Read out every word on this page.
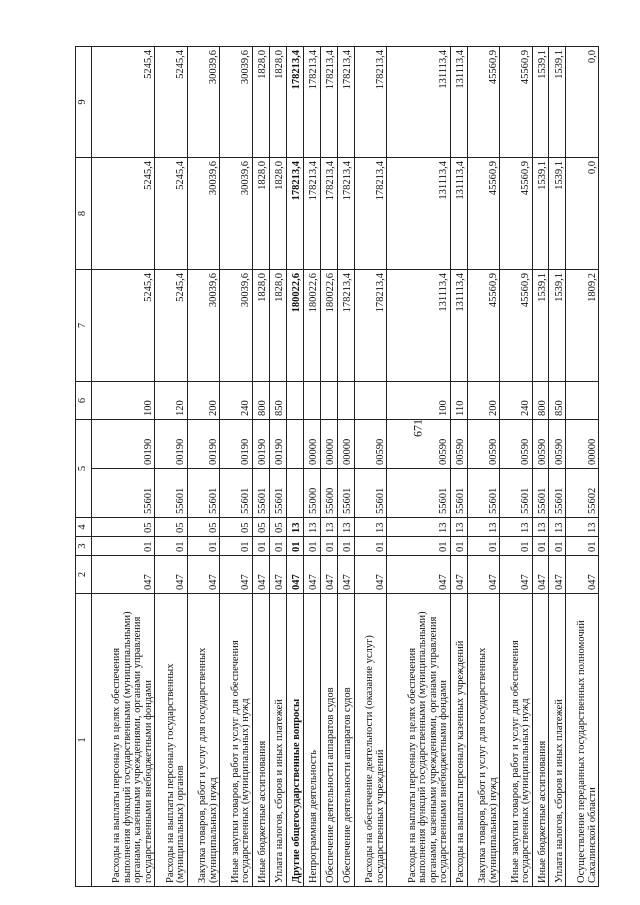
671
1	2	3	4	5		6	7	8	9
Расходы на выплаты персоналу в целях обеспечения выполнения функций государственными (муниципальными) органами, казенными учреждениями, органами управления государственными внебюджетными фондами	047	01	05	55601	00190	100	5245,4	5245,4	5245,4
Расходы на выплаты персоналу государственных (муниципальных) органов	047	01	05	55601	00190	120	5245,4	5245,4	5245,4
Закупка товаров, работ и услуг для государственных (муниципальных) нужд	047	01	05	55601	00190	200	30039,6	30039,6	30039,6
Иные закупки товаров, работ и услуг для обеспечения государственных (муниципальных) нужд	047	01	05	55601	00190	240	30039,6	30039,6	30039,6
Иные бюджетные ассигнования	047	01	05	55601	00190	800	1828,0	1828,0	1828,0
Уплата налогов, сборов и иных платежей	047	01	05	55601	00190	850	1828,0	1828,0	1828,0
Другие общегосударственные вопросы	047	01	13				180022,6	178213,4	178213,4
Непрограммная деятельность	047	01	13	55000	00000		180022,6	178213,4	178213,4
Обеспечение деятельности аппаратов судов	047	01	13	55600	00000		180022,6	178213,4	178213,4
Обеспечение деятельности аппаратов судов	047	01	13	55601	00000		178213,4	178213,4	178213,4
Расходы на обеспечение деятельности (оказание услуг) государственных учреждений	047	01	13	55601	00590		178213,4	178213,4	178213,4
Расходы на выплаты персоналу в целях обеспечения выполнения функций государственными (муниципальными) органами, казенными учреждениями, органами управления государственными внебюджетными фондами	047	01	13	55601	00590	100	131113,4	131113,4	131113,4
Расходы на выплаты персоналу казенных учреждений	047	01	13	55601	00590	110	131113,4	131113,4	131113,4
Закупка товаров, работ и услуг для государственных (муниципальных) нужд	047	01	13	55601	00590	200	45560,9	45560,9	45560,9
Иные закупки товаров, работ и услуг для обеспечения государственных (муниципальных) нужд	047	01	13	55601	00590	240	45560,9	45560,9	45560,9
Иные бюджетные ассигнования	047	01	13	55601	00590	800	1539,1	1539,1	1539,1
Уплата налогов, сборов и иных платежей	047	01	13	55601	00590	850	1539,1	1539,1	1539,1
Осуществление переданных государственных полномочий Сахалинской области	047	01	13	55602	00000		1809,2	0,0	0,0
